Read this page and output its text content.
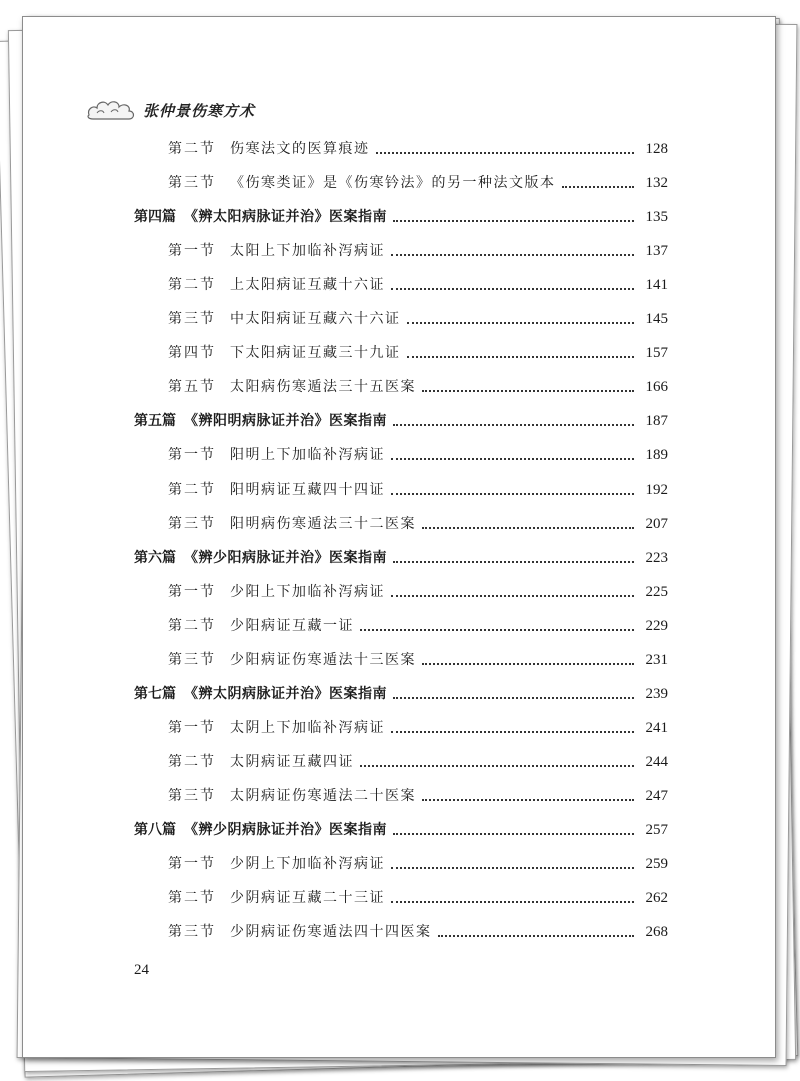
张仲景伤寒方术
第二节	伤寒法文的医算痕迹	128
第三节	《伤寒类证》是《伤寒钤法》的另一种法文版本	132
第四篇 《辨太阳病脉证并治》医案指南	135
第一节	太阳上下加临补泻病证	137
第二节	上太阳病证互藏十六证	141
第三节	中太阳病证互藏六十六证	145
第四节	下太阳病证互藏三十九证	157
第五节	太阳病伤寒遁法三十五医案	166
第五篇 《辨阳明病脉证并治》医案指南	187
第一节	阳明上下加临补泻病证	189
第二节	阳明病证互藏四十四证	192
第三节	阳明病伤寒遁法三十二医案	207
第六篇 《辨少阳病脉证并治》医案指南	223
第一节	少阳上下加临补泻病证	225
第二节	少阳病证互藏一证	229
第三节	少阳病证伤寒遁法十三医案	231
第七篇 《辨太阴病脉证并治》医案指南	239
第一节	太阴上下加临补泻病证	241
第二节	太阴病证互藏四证	244
第三节	太阴病证伤寒遁法二十医案	247
第八篇 《辨少阴病脉证并治》医案指南	257
第一节	少阴上下加临补泻病证	259
第二节	少阴病证互藏二十三证	262
第三节	少阴病证伤寒遁法四十四医案	268
24
